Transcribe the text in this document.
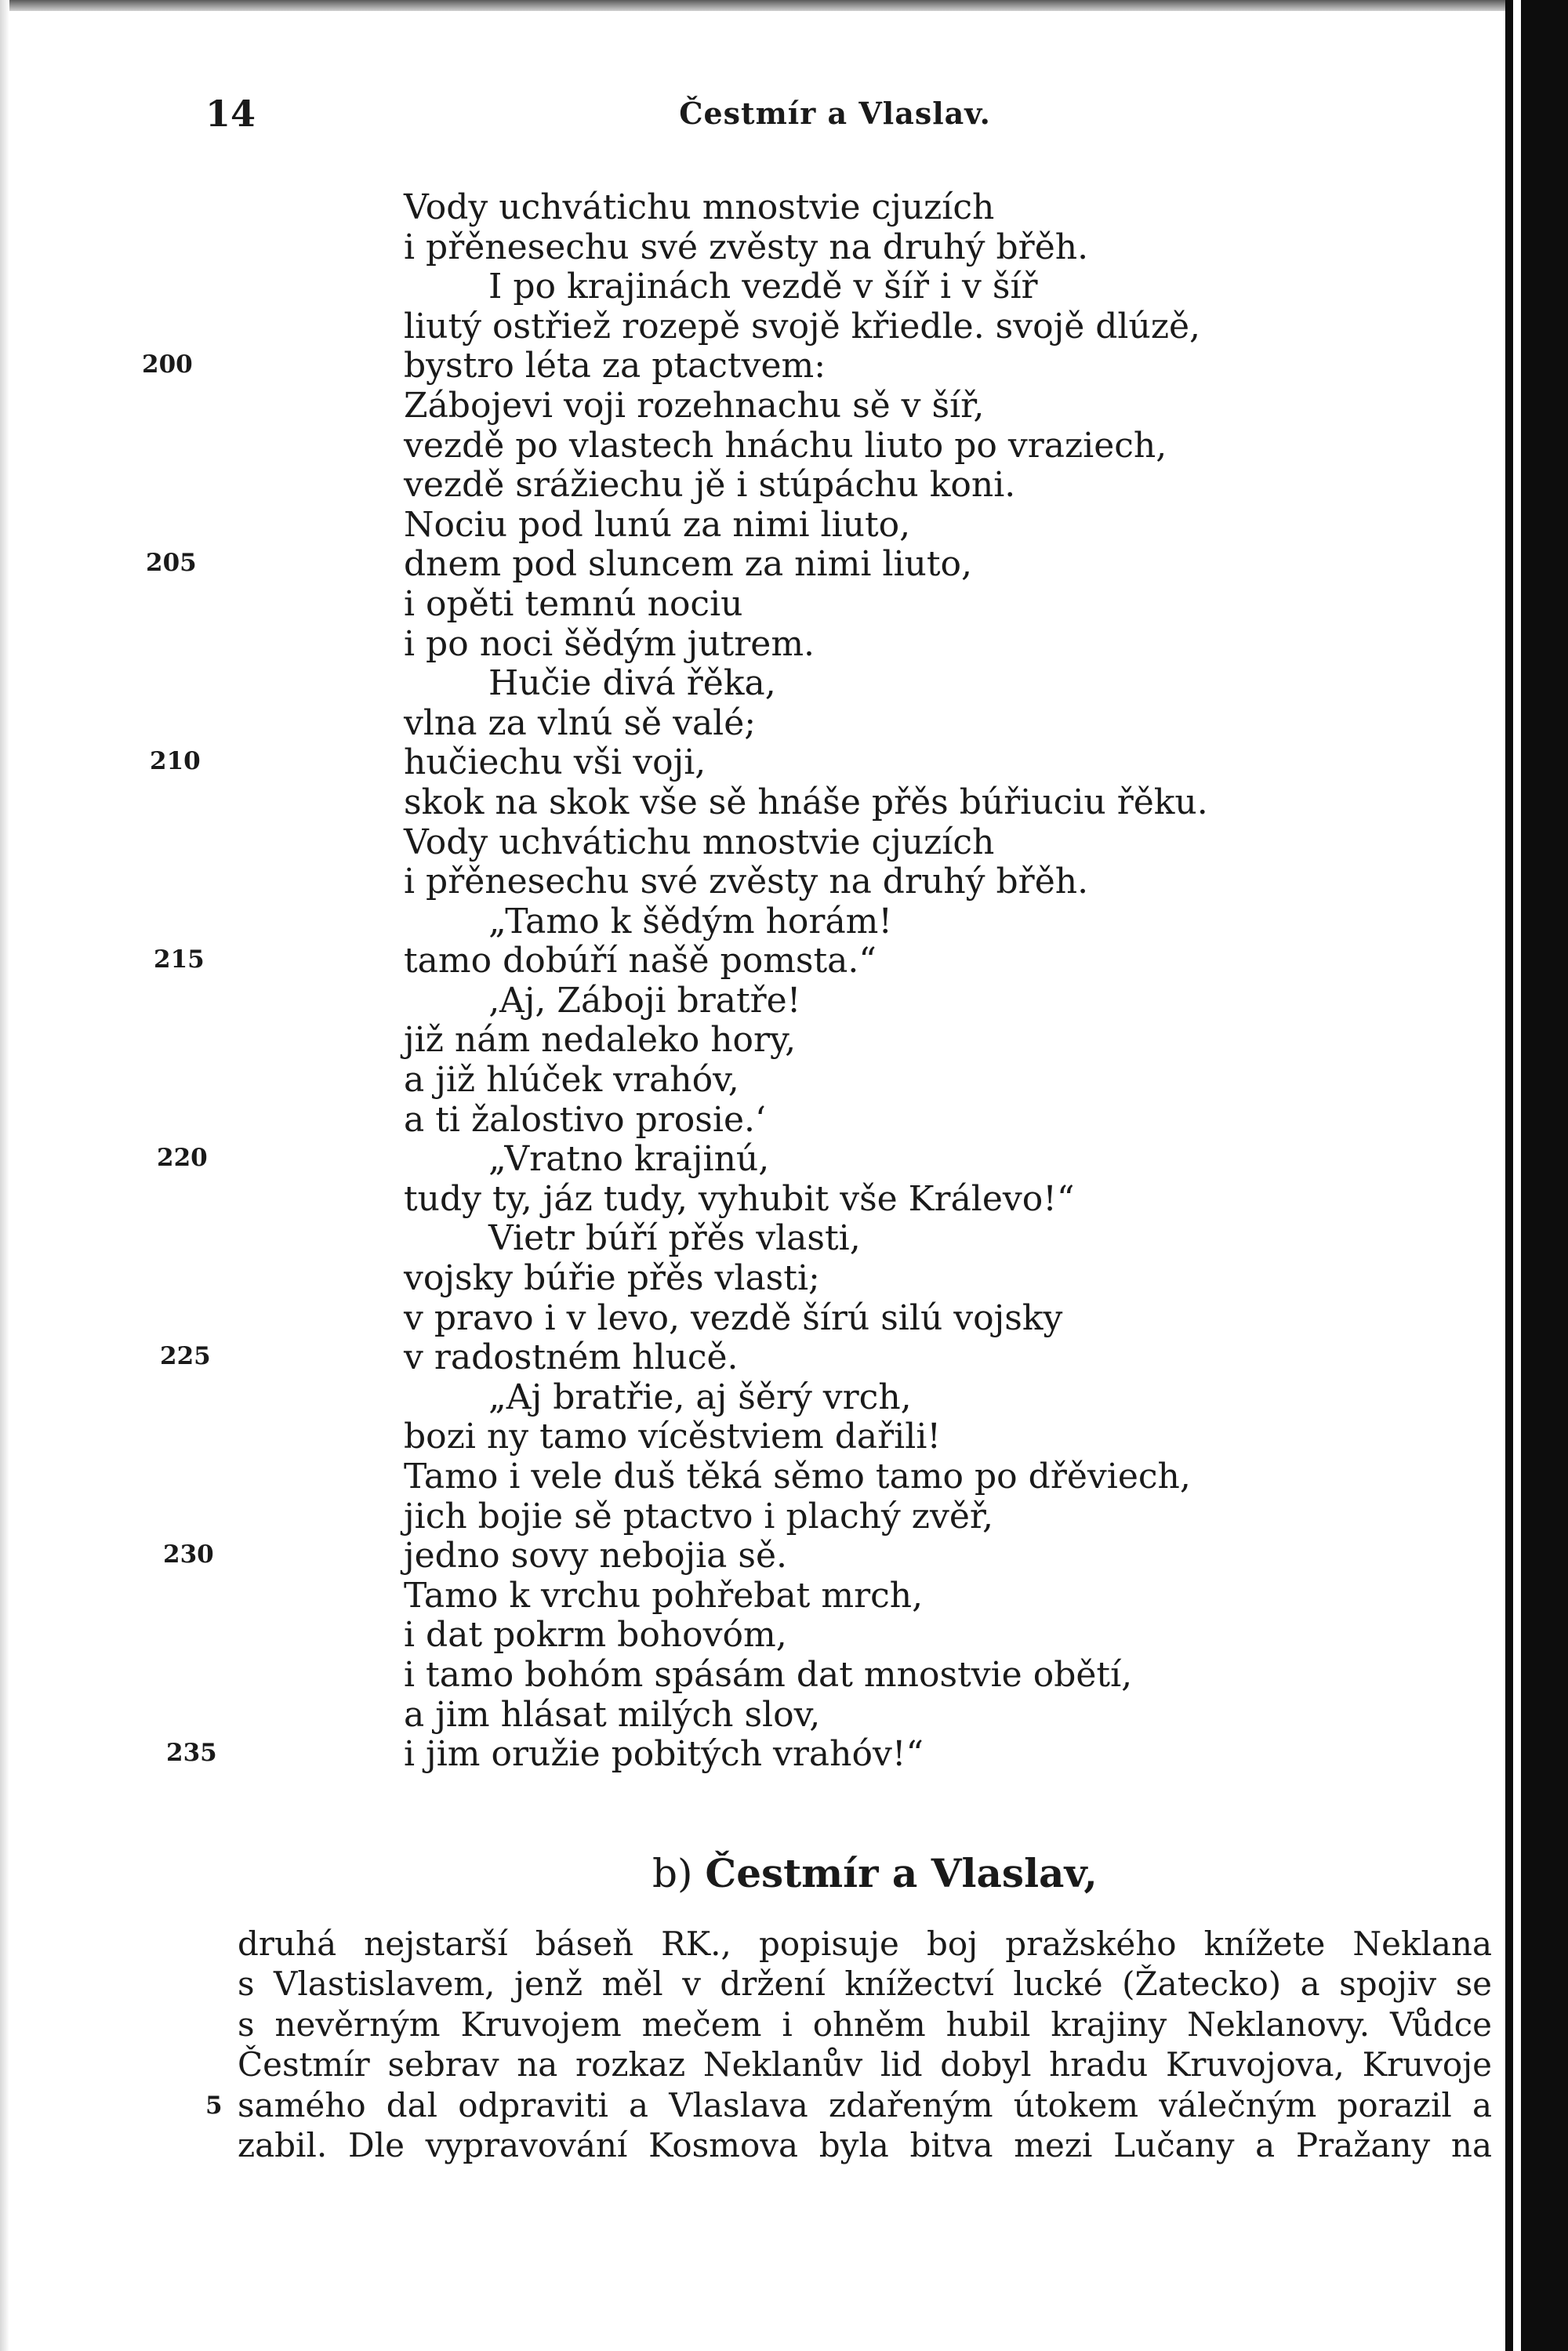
14	Čestmír a Vlaslav.
Vody uchvátichu mnostvie cjuzích
i přěnesechu své zvěsty na druhý břěh.
I po krajinách vezdě v šíř i v šíř
liutý ostřiež rozepě svojě křiedle. svojě dlúzě,
bystro léta za ptactvem:
Zábojevi voji rozehnachu sě v šíř,
vezdě po vlastech hnáchu liuto po vraziech,
vezdě srážiechu jě i stúpáchu koni.
Nociu pod lunú za nimi liuto,
dnem pod sluncem za nimi liuto,
i opěti temnú nociu
i po noci šědým jutrem.
Hučie divá řěka,
vlna za vlnú sě valé;
hučiechu vši voji,
skok na skok vše sě hnáše přěs búřiuciu řěku.
Vody uchvátichu mnostvie cjuzích
i přěnesechu své zvěsty na druhý břěh.
„Tamo k šědým horám!
tamo dobúří našě pomsta.“
‚Aj, Záboji bratře!
již nám nedaleko hory,
a již hlúček vrahóv,
a ti žalostivo prosie.‘
„Vratno krajinú,
tudy ty, jáz tudy, vyhubit vše Králevo!“
Vietr búří přěs vlasti,
vojsky búřie přěs vlasti;
v pravo i v levo, vezdě šírú silú vojsky
v radostném hlucě.
„Aj bratřie, aj šěrý vrch,
bozi ny tamo vícěstviem dařili!
Tamo i vele duš těká sěmo tamo po dřěviech,
jich bojie sě ptactvo i plachý zvěř,
jedno sovy nebojia sě.
Tamo k vrchu pohřebat mrch,
i dat pokrm bohovóm,
i tamo bohóm spásám dat mnostvie obětí,
a jim hlásat milých slov,
i jim oružie pobitých vrahóv!“
200
205
210
215
220
225
230
235
b) Čestmír a Vlaslav,
druhá nejstarší báseň RK., popisuje boj pražského knížete Neklana
s Vlastislavem, jenž měl v držení knížectví lucké (Žatecko) a spojiv se
s nevěrným Kruvojem mečem i ohněm hubil krajiny Neklanovy. Vůdce
Čestmír sebrav na rozkaz Neklanův lid dobyl hradu Kruvojova, Kruvoje
samého dal odpraviti a Vlaslava zdařeným útokem válečným porazil a
zabil. Dle vypravování Kosmova byla bitva mezi Lučany a Pražany na
5
